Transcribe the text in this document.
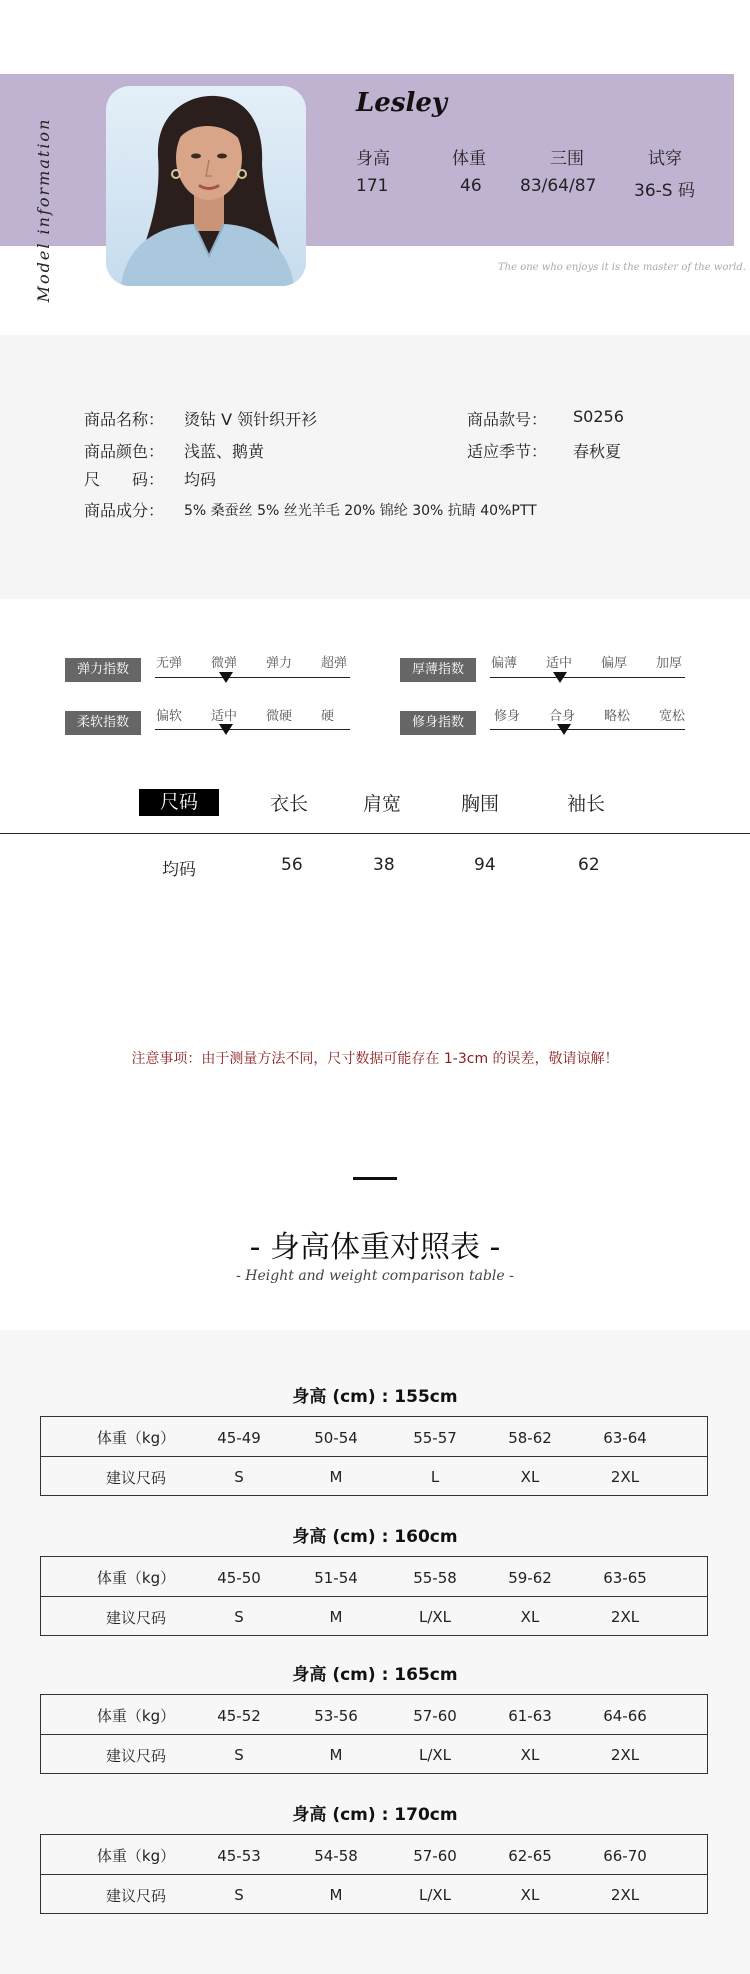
Model information
Lesley
身高	体重	三围	试穿
171	46 83/64/87 36-S 码
The one who enjoys it is the master of the world.
商品名称： 烫钻 V 领针织开衫	商品款号： S0256
商品颜色： 浅蓝、鹅黄	适应季节： 春秋夏
尺　　码： 均码
商品成分： 5% 桑蚕丝 5% 丝光羊毛 20% 锦纶 30% 抗睛 40%PTT
弹力指数	无弹 微弹 弹力 超弹	厚薄指数	偏薄 适中 偏厚 加厚
柔软指数	偏软 适中 微硬 硬	修身指数	修身 合身 略松 宽松
尺码	衣长	肩宽	胸围	袖长
均码	56	38	94	62
注意事项：由于测量方法不同，尺寸数据可能存在 1-3cm 的误差，敬请谅解！
- 身高体重对照表 -
- Height and weight comparison table -
身高 (cm) : 155cm
体重（kg）	45-49	50-54	55-57	58-62	63-64
建议尺码	S	M	L	XL	2XL
身高 (cm) : 160cm
体重（kg）	45-50	51-54	55-58	59-62	63-65
建议尺码	S	M	L/XL	XL	2XL
身高 (cm) : 165cm
体重（kg）	45-52	53-56	57-60	61-63	64-66
建议尺码	S	M	L/XL	XL	2XL
身高 (cm) : 170cm
体重（kg）	45-53	54-58	57-60	62-65	66-70
建议尺码	S	M	L/XL	XL	2XL
